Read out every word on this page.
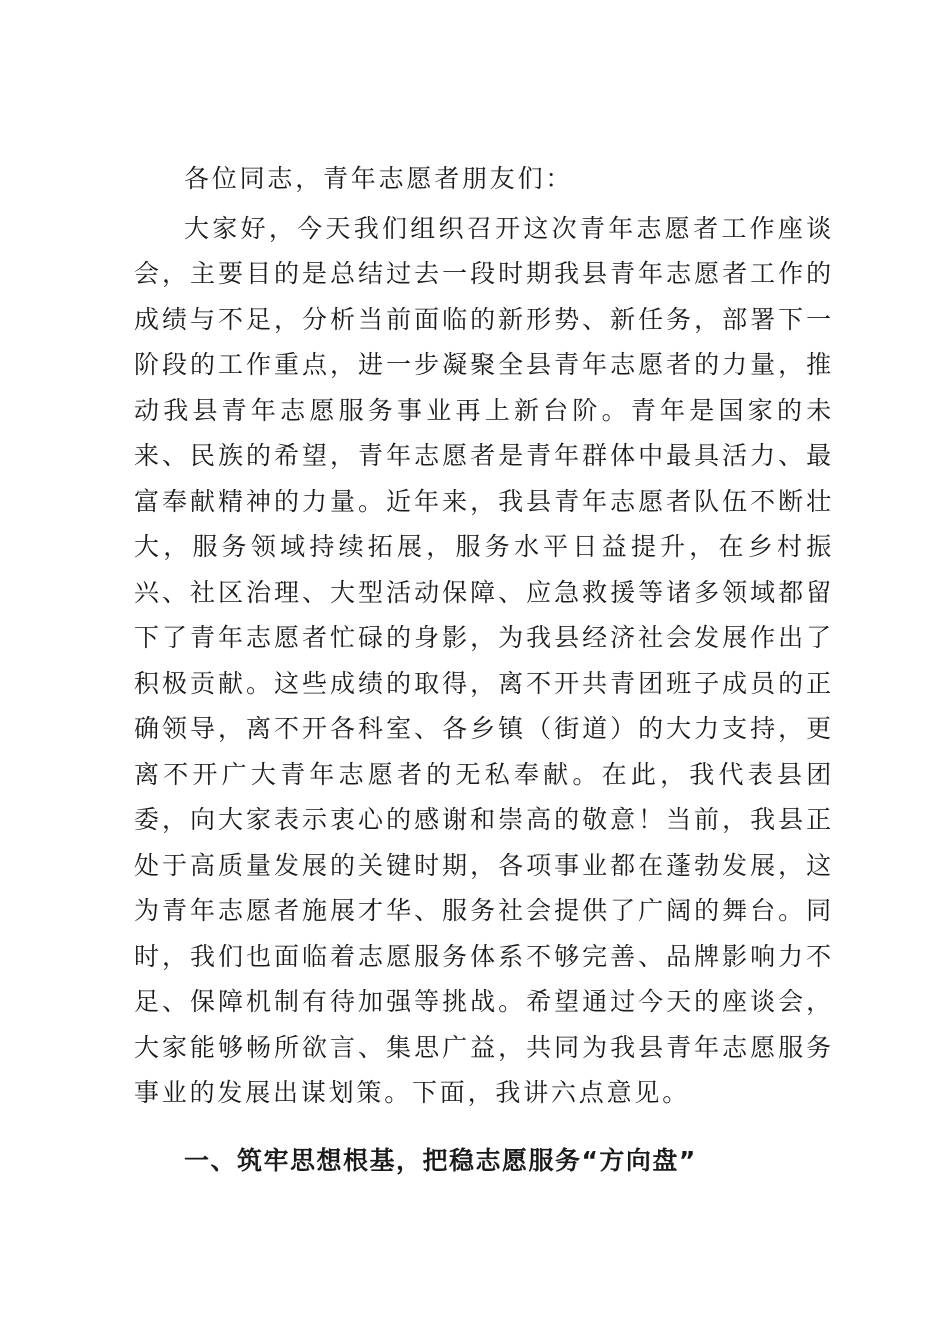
各位同志，青年志愿者朋友们：

大家好，今天我们组织召开这次青年志愿者工作座谈会，主要目的是总结过去一段时期我县青年志愿者工作的成绩与不足，分析当前面临的新形势、新任务，部署下一阶段的工作重点，进一步凝聚全县青年志愿者的力量，推动我县青年志愿服务事业再上新台阶。青年是国家的未来、民族的希望，青年志愿者是青年群体中最具活力、最富奉献精神的力量。近年来，我县青年志愿者队伍不断壮大，服务领域持续拓展，服务水平日益提升，在乡村振兴、社区治理、大型活动保障、应急救援等诸多领域都留下了青年志愿者忙碌的身影，为我县经济社会发展作出了积极贡献。这些成绩的取得，离不开共青团班子成员的正确领导，离不开各科室、各乡镇（街道）的大力支持，更离不开广大青年志愿者的无私奉献。在此，我代表县团委，向大家表示衷心的感谢和崇高的敬意！当前，我县正处于高质量发展的关键时期，各项事业都在蓬勃发展，这为青年志愿者施展才华、服务社会提供了广阔的舞台。同时，我们也面临着志愿服务体系不够完善、品牌影响力不足、保障机制有待加强等挑战。希望通过今天的座谈会，大家能够畅所欲言、集思广益，共同为我县青年志愿服务事业的发展出谋划策。下面，我讲六点意见。

一、筑牢思想根基，把稳志愿服务“方向盘”
